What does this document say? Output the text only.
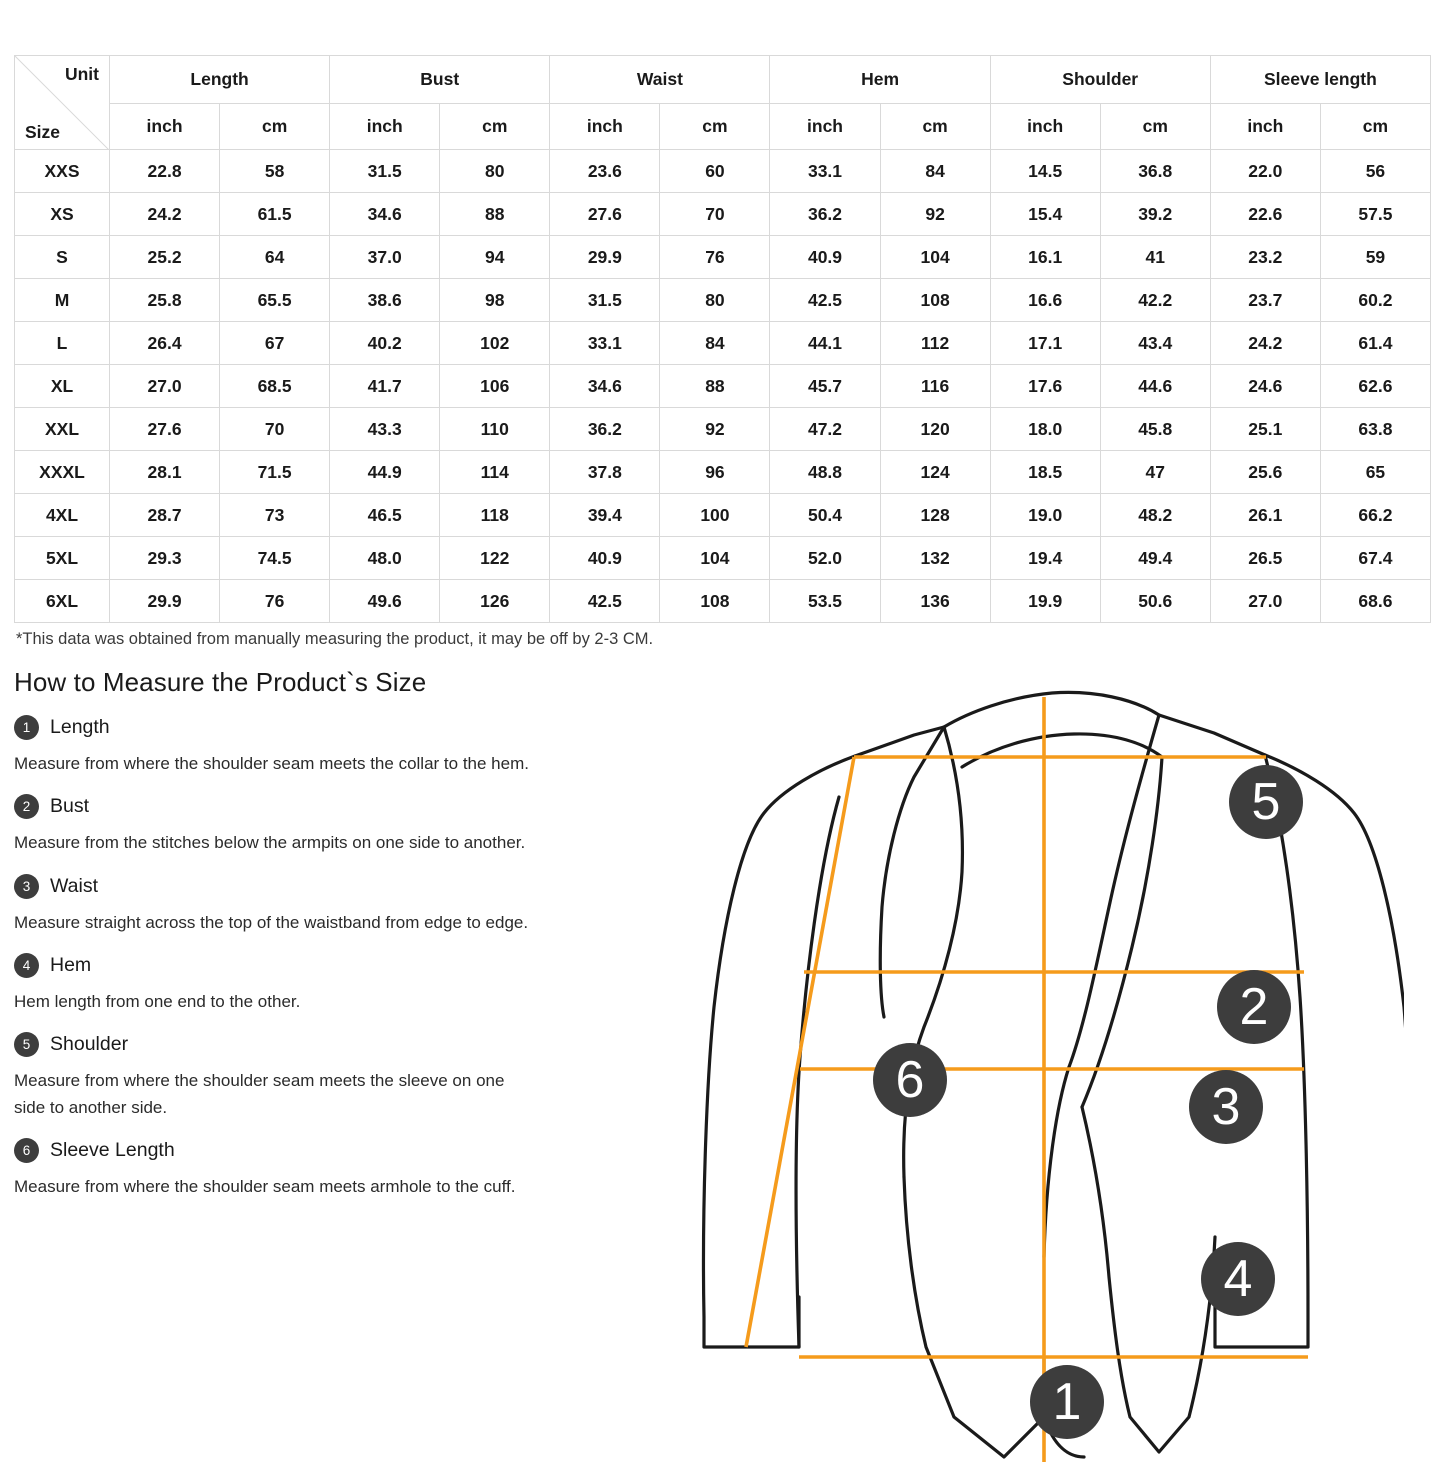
Unit
Size	Length		Bust		Waist		Hem		Shoulder		Sleeve length	
	inch	cm	inch	cm	inch	cm	inch	cm	inch	cm	inch	cm
XXS	22.8	58	31.5	80	23.6	60	33.1	84	14.5	36.8	22.0	56
XS	24.2	61.5	34.6	88	27.6	70	36.2	92	15.4	39.2	22.6	57.5
S	25.2	64	37.0	94	29.9	76	40.9	104	16.1	41	23.2	59
M	25.8	65.5	38.6	98	31.5	80	42.5	108	16.6	42.2	23.7	60.2
L	26.4	67	40.2	102	33.1	84	44.1	112	17.1	43.4	24.2	61.4
XL	27.0	68.5	41.7	106	34.6	88	45.7	116	17.6	44.6	24.6	62.6
XXL	27.6	70	43.3	110	36.2	92	47.2	120	18.0	45.8	25.1	63.8
XXXL	28.1	71.5	44.9	114	37.8	96	48.8	124	18.5	47	25.6	65
4XL	28.7	73	46.5	118	39.4	100	50.4	128	19.0	48.2	26.1	66.2
5XL	29.3	74.5	48.0	122	40.9	104	52.0	132	19.4	49.4	26.5	67.4
6XL	29.9	76	49.6	126	42.5	108	53.5	136	19.9	50.6	27.0	68.6
*This data was obtained from manually measuring the product, it may be off by 2-3 CM.
How to Measure the Product`s Size
1	Length

Measure from where the shoulder seam meets the collar to the hem.

2	Bust

Measure from the stitches below the armpits on one side to another.

3	Waist

Measure straight across the top of the waistband from edge to edge.

4	Hem

Hem length from one end to the other.

5	Shoulder

Measure from where the shoulder seam meets the sleeve on one side to another side.

6	Sleeve Length

Measure from where the shoulder seam meets armhole to the cuff.

1
2
3
4
5
6
